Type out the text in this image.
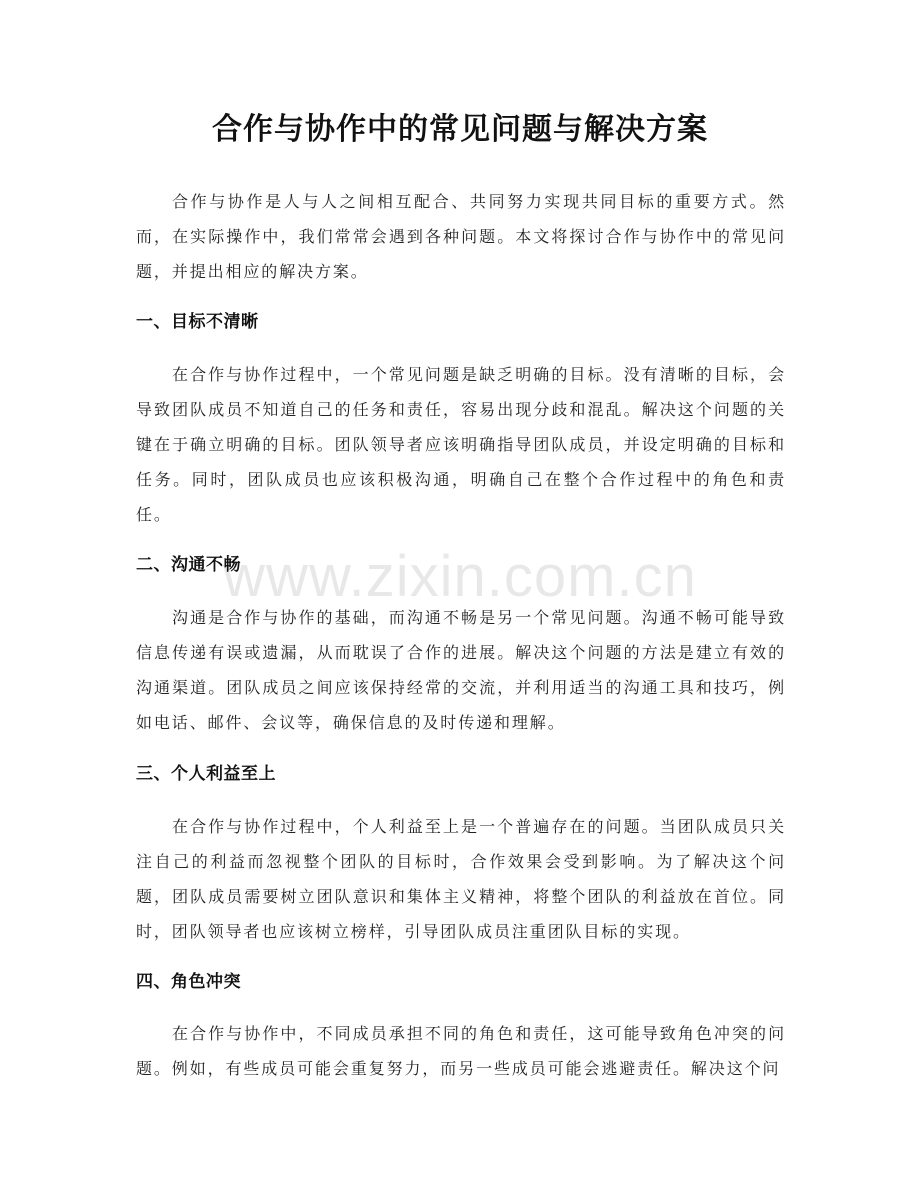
合作与协作中的常见问题与解决方案

合作与协作是人与人之间相互配合、共同努力实现共同目标的重要方式。然而，在实际操作中，我们常常会遇到各种问题。本文将探讨合作与协作中的常见问题，并提出相应的解决方案。

一、目标不清晰

在合作与协作过程中，一个常见问题是缺乏明确的目标。没有清晰的目标，会导致团队成员不知道自己的任务和责任，容易出现分歧和混乱。解决这个问题的关键在于确立明确的目标。团队领导者应该明确指导团队成员，并设定明确的目标和任务。同时，团队成员也应该积极沟通，明确自己在整个合作过程中的角色和责任。

二、沟通不畅

沟通是合作与协作的基础，而沟通不畅是另一个常见问题。沟通不畅可能导致信息传递有误或遗漏，从而耽误了合作的进展。解决这个问题的方法是建立有效的沟通渠道。团队成员之间应该保持经常的交流，并利用适当的沟通工具和技巧，例如电话、邮件、会议等，确保信息的及时传递和理解。

三、个人利益至上

在合作与协作过程中，个人利益至上是一个普遍存在的问题。当团队成员只关注自己的利益而忽视整个团队的目标时，合作效果会受到影响。为了解决这个问题，团队成员需要树立团队意识和集体主义精神，将整个团队的利益放在首位。同时，团队领导者也应该树立榜样，引导团队成员注重团队目标的实现。

四、角色冲突

在合作与协作中，不同成员承担不同的角色和责任，这可能导致角色冲突的问题。例如，有些成员可能会重复努力，而另一些成员可能会逃避责任。解决这个问

www.zixin.com.cn
